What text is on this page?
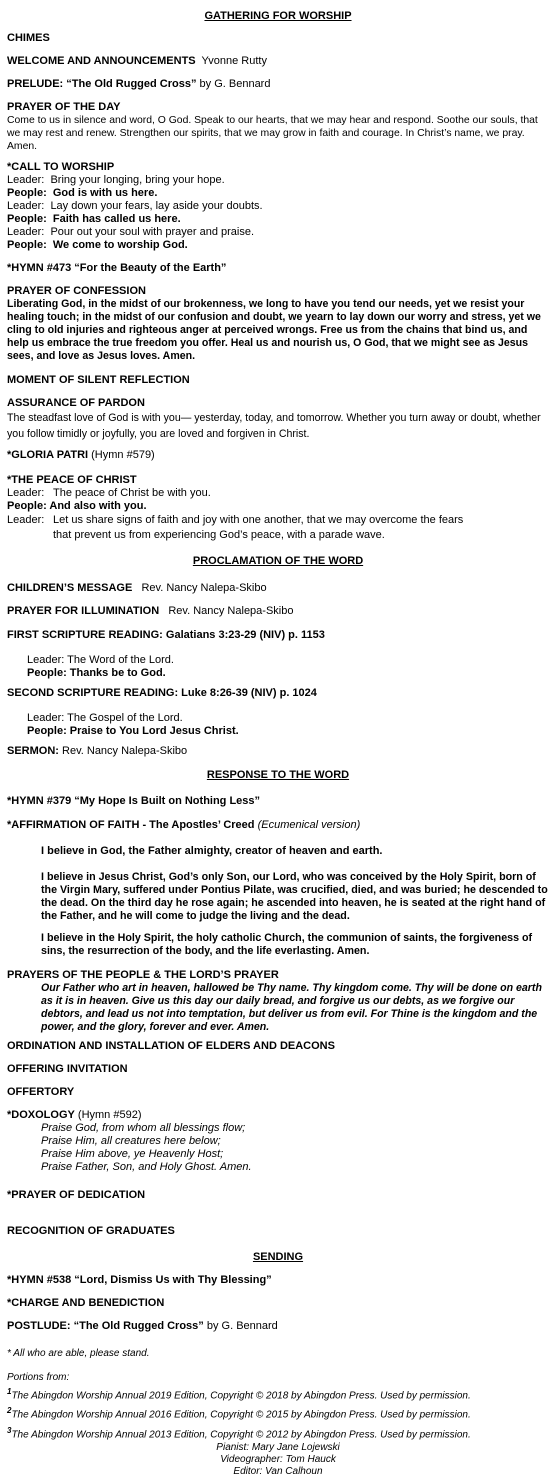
GATHERING FOR WORSHIP

CHIMES

WELCOME AND ANNOUNCEMENTS Yvonne Rutty

PRELUDE: “The Old Rugged Cross” by G. Bennard

PRAYER OF THE DAY

Come to us in silence and word, O God. Speak to our hearts, that we may hear and respond. Soothe our souls, that we may rest and renew. Strengthen our spirits, that we may grow in faith and courage. In Christ’s name, we pray. Amen.

*CALL TO WORSHIP

Leader: Bring your longing, bring your hope.

People: God is with us here.

Leader: Lay down your fears, lay aside your doubts.

People: Faith has called us here.

Leader: Pour out your soul with prayer and praise.

People: We come to worship God.

*HYMN #473 “For the Beauty of the Earth”

PRAYER OF CONFESSION

Liberating God, in the midst of our brokenness, we long to have you tend our needs, yet we resist your healing touch; in the midst of our confusion and doubt, we yearn to lay down our worry and stress, yet we cling to old injuries and righteous anger at perceived wrongs. Free us from the chains that bind us, and help us embrace the true freedom you offer. Heal us and nourish us, O God, that we might see as Jesus sees, and love as Jesus loves. Amen.

MOMENT OF SILENT REFLECTION

ASSURANCE OF PARDON

The steadfast love of God is with you— yesterday, today, and tomorrow. Whether you turn away or doubt, whether you follow timidly or joyfully, you are loved and forgiven in Christ.

*GLORIA PATRI (Hymn #579)

*THE PEACE OF CHRIST

Leader: The peace of Christ be with you.

People: And also with you.

Leader: Let us share signs of faith and joy with one another, that we may overcome the fears

that prevent us from experiencing God’s peace, with a parade wave.

PROCLAMATION OF THE WORD

CHILDREN’S MESSAGE Rev. Nancy Nalepa-Skibo

PRAYER FOR ILLUMINATION Rev. Nancy Nalepa-Skibo

FIRST SCRIPTURE READING: Galatians 3:23-29 (NIV) p. 1153

Leader: The Word of the Lord.

People: Thanks be to God.

SECOND SCRIPTURE READING: Luke 8:26-39 (NIV) p. 1024

Leader: The Gospel of the Lord.

People: Praise to You Lord Jesus Christ.

SERMON: Rev. Nancy Nalepa-Skibo

RESPONSE TO THE WORD

*HYMN #379 “My Hope Is Built on Nothing Less”

*AFFIRMATION OF FAITH - The Apostles’ Creed (Ecumenical version)

I believe in God, the Father almighty, creator of heaven and earth.

I believe in Jesus Christ, God’s only Son, our Lord, who was conceived by the Holy Spirit, born of the Virgin Mary, suffered under Pontius Pilate, was crucified, died, and was buried; he descended to the dead. On the third day he rose again; he ascended into heaven, he is seated at the right hand of the Father, and he will come to judge the living and the dead.

I believe in the Holy Spirit, the holy catholic Church, the communion of saints, the forgiveness of sins, the resurrection of the body, and the life everlasting. Amen.

PRAYERS OF THE PEOPLE & THE LORD’S PRAYER

Our Father who art in heaven, hallowed be Thy name. Thy kingdom come. Thy will be done on earth as it is in heaven. Give us this day our daily bread, and forgive us our debts, as we forgive our debtors, and lead us not into temptation, but deliver us from evil. For Thine is the kingdom and the power, and the glory, forever and ever. Amen.

ORDINATION AND INSTALLATION OF ELDERS AND DEACONS

OFFERING INVITATION

OFFERTORY

*DOXOLOGY (Hymn #592)

Praise God, from whom all blessings flow;

Praise Him, all creatures here below;

Praise Him above, ye Heavenly Host;

Praise Father, Son, and Holy Ghost. Amen.

*PRAYER OF DEDICATION

RECOGNITION OF GRADUATES

SENDING

*HYMN #538 “Lord, Dismiss Us with Thy Blessing”

*CHARGE AND BENEDICTION

POSTLUDE: “The Old Rugged Cross” by G. Bennard

* All who are able, please stand.

Portions from:

$^1$The Abingdon Worship Annual 2019 Edition, Copyright © 2018 by Abingdon Press. Used by permission.

$^2$The Abingdon Worship Annual 2016 Edition, Copyright © 2015 by Abingdon Press. Used by permission.

$^3$The Abingdon Worship Annual 2013 Edition, Copyright © 2012 by Abingdon Press. Used by permission.

Pianist: Mary Jane Lojewski

Videographer: Tom Hauck

Editor: Van Calhoun
